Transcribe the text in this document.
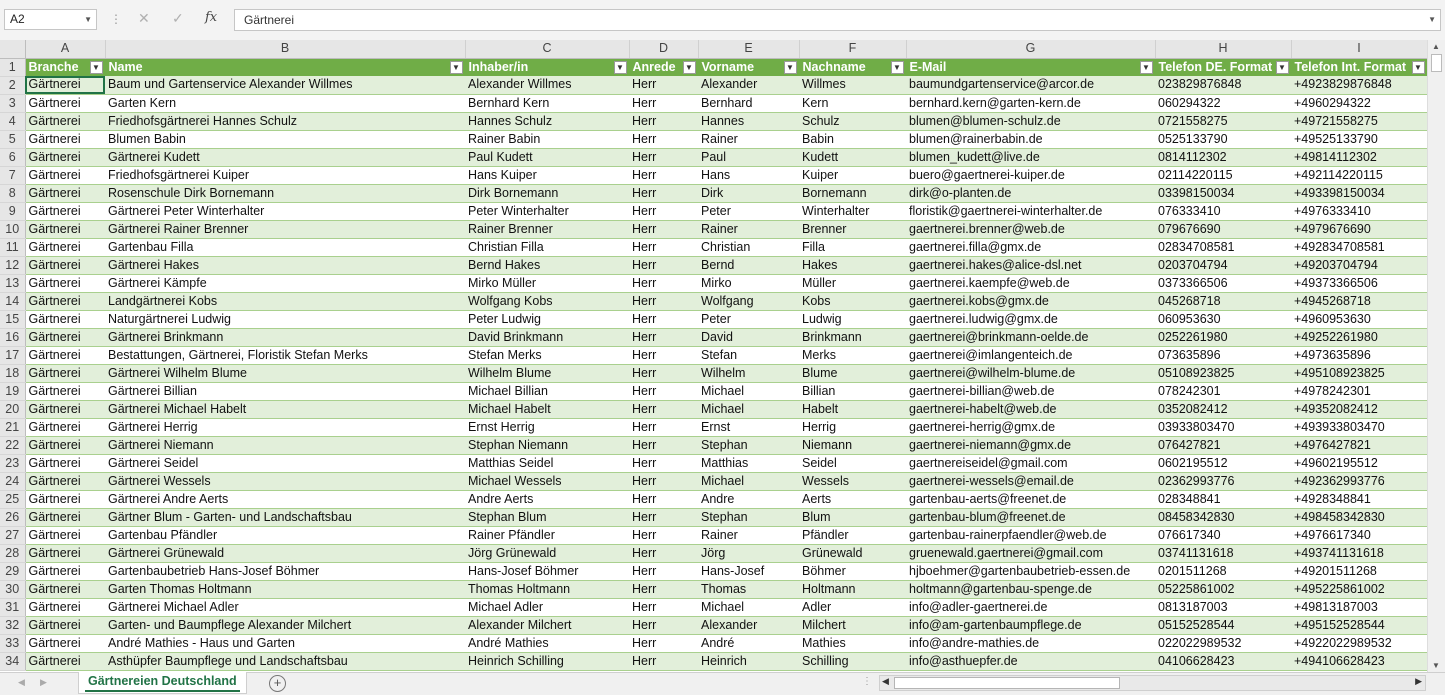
A2	▼ ⋮ ✕ ✓ fx	Gärtnerei	▼
	A	B	C	D	E	F	G	H	I
1	Branche ▼	Name ▼	Inhaber/in ▼	Anrede ▼	Vorname ▼	Nachname ▼	E-Mail ▼	Telefon DE. Format ▼	Telefon Int. Format ▼

2	Gärtnerei	Baum und Gartenservice Alexander Willmes	Alexander Willmes	Herr	Alexander	Willmes	baumundgartenservice@arcor.de	023829876848	+4923829876848
3	Gärtnerei	Garten Kern	Bernhard Kern	Herr	Bernhard	Kern	bernhard.kern@garten-kern.de	060294322	+4960294322
4	Gärtnerei	Friedhofsgärtnerei Hannes Schulz	Hannes Schulz	Herr	Hannes	Schulz	blumen@blumen-schulz.de	0721558275	+49721558275
5	Gärtnerei	Blumen Babin	Rainer Babin	Herr	Rainer	Babin	blumen@rainerbabin.de	0525133790	+49525133790
6	Gärtnerei	Gärtnerei Kudett	Paul Kudett	Herr	Paul	Kudett	blumen_kudett@live.de	0814112302	+49814112302
7	Gärtnerei	Friedhofsgärtnerei Kuiper	Hans Kuiper	Herr	Hans	Kuiper	buero@gaertnerei-kuiper.de	02114220115	+492114220115
8	Gärtnerei	Rosenschule Dirk Bornemann	Dirk Bornemann	Herr	Dirk	Bornemann	dirk@o-planten.de	03398150034	+493398150034
9	Gärtnerei	Gärtnerei Peter Winterhalter	Peter Winterhalter	Herr	Peter	Winterhalter	floristik@gaertnerei-winterhalter.de	076333410	+4976333410
10	Gärtnerei	Gärtnerei Rainer Brenner	Rainer Brenner	Herr	Rainer	Brenner	gaertnerei.brenner@web.de	079676690	+4979676690
11	Gärtnerei	Gartenbau Filla	Christian Filla	Herr	Christian	Filla	gaertnerei.filla@gmx.de	02834708581	+492834708581
12	Gärtnerei	Gärtnerei Hakes	Bernd Hakes	Herr	Bernd	Hakes	gaertnerei.hakes@alice-dsl.net	0203704794	+49203704794
13	Gärtnerei	Gärtnerei Kämpfe	Mirko Müller	Herr	Mirko	Müller	gaertnerei.kaempfe@web.de	0373366506	+49373366506
14	Gärtnerei	Landgärtnerei Kobs	Wolfgang Kobs	Herr	Wolfgang	Kobs	gaertnerei.kobs@gmx.de	045268718	+4945268718
15	Gärtnerei	Naturgärtnerei Ludwig	Peter Ludwig	Herr	Peter	Ludwig	gaertnerei.ludwig@gmx.de	060953630	+4960953630
16	Gärtnerei	Gärtnerei Brinkmann	David Brinkmann	Herr	David	Brinkmann	gaertnerei@brinkmann-oelde.de	0252261980	+49252261980
17	Gärtnerei	Bestattungen, Gärtnerei, Floristik Stefan Merks	Stefan Merks	Herr	Stefan	Merks	gaertnerei@imlangenteich.de	073635896	+4973635896
18	Gärtnerei	Gärtnerei Wilhelm Blume	Wilhelm Blume	Herr	Wilhelm	Blume	gaertnerei@wilhelm-blume.de	05108923825	+495108923825
19	Gärtnerei	Gärtnerei Billian	Michael Billian	Herr	Michael	Billian	gaertnerei-billian@web.de	078242301	+4978242301
20	Gärtnerei	Gärtnerei Michael Habelt	Michael Habelt	Herr	Michael	Habelt	gaertnerei-habelt@web.de	0352082412	+49352082412
21	Gärtnerei	Gärtnerei Herrig	Ernst Herrig	Herr	Ernst	Herrig	gaertnerei-herrig@gmx.de	03933803470	+493933803470
22	Gärtnerei	Gärtnerei Niemann	Stephan Niemann	Herr	Stephan	Niemann	gaertnerei-niemann@gmx.de	076427821	+4976427821
23	Gärtnerei	Gärtnerei Seidel	Matthias Seidel	Herr	Matthias	Seidel	gaertnereiseidel@gmail.com	0602195512	+49602195512
24	Gärtnerei	Gärtnerei Wessels	Michael Wessels	Herr	Michael	Wessels	gaertnerei-wessels@email.de	02362993776	+492362993776
25	Gärtnerei	Gärtnerei Andre Aerts	Andre Aerts	Herr	Andre	Aerts	gartenbau-aerts@freenet.de	028348841	+4928348841
26	Gärtnerei	Gärtner Blum - Garten- und Landschaftsbau	Stephan Blum	Herr	Stephan	Blum	gartenbau-blum@freenet.de	08458342830	+498458342830
27	Gärtnerei	Gartenbau Pfändler	Rainer Pfändler	Herr	Rainer	Pfändler	gartenbau-rainerpfaendler@web.de	076617340	+4976617340
28	Gärtnerei	Gärtnerei Grünewald	Jörg Grünewald	Herr	Jörg	Grünewald	gruenewald.gaertnerei@gmail.com	03741131618	+493741131618
29	Gärtnerei	Gartenbaubetrieb Hans-Josef Böhmer	Hans-Josef Böhmer	Herr	Hans-Josef	Böhmer	hjboehmer@gartenbaubetrieb-essen.de	0201511268	+49201511268
30	Gärtnerei	Garten Thomas Holtmann	Thomas Holtmann	Herr	Thomas	Holtmann	holtmann@gartenbau-spenge.de	05225861002	+495225861002
31	Gärtnerei	Gärtnerei Michael Adler	Michael Adler	Herr	Michael	Adler	info@adler-gaertnerei.de	0813187003	+49813187003
32	Gärtnerei	Garten- und Baumpflege Alexander Milchert	Alexander Milchert	Herr	Alexander	Milchert	info@am-gartenbaumpflege.de	05152528544	+495152528544
33	Gärtnerei	André Mathies - Haus und Garten	André Mathies	Herr	André	Mathies	info@andre-mathies.de	022022989532	+4922022989532
34	Gärtnerei	Asthüpfer Baumpflege und Landschaftsbau	Heinrich Schilling	Herr	Heinrich	Schilling	info@asthuepfer.de	04106628423	+494106628423
▲
▼
◀ ▶	Gärtnereien Deutschland	+	⋮ ◀	▶
